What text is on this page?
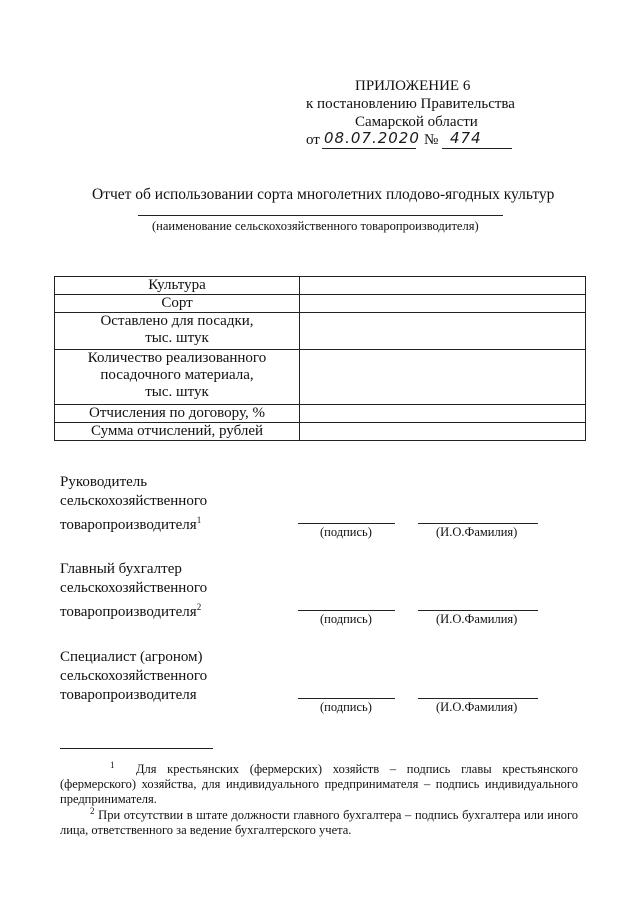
ПРИЛОЖЕНИЕ 6
к постановлению Правительства
Самарской области
от 08.07.2020 № 474
Отчет об использовании сорта многолетних плодово-ягодных культур
(наименование сельскохозяйственного товаропроизводителя)
Культура	

Сорт	

Оставлено для посадки,
тыс. штук	

Количество реализованного
посадочного материала,
тыс. штук	

Отчисления по договору, %	

Сумма отчислений, рублей	

Руководитель
сельскохозяйственного
товаропроизводителя$^1$
(подпись)	(И.О.Фамилия)
Главный бухгалтер
сельскохозяйственного
товаропроизводителя$^2$
(подпись)	(И.О.Фамилия)
Специалист (агроном)
сельскохозяйственного
товаропроизводителя
(подпись)	(И.О.Фамилия)
$^1$ Для крестьянских (фермерских) хозяйств – подпись главы крестьянского (фермерского) хозяйства, для индивидуального предпринимателя – подпись индивидуального предпринимателя.
$^2$ При отсутствии в штате должности главного бухгалтера – подпись бухгалтера или иного лица, ответственного за ведение бухгалтерского учета.
